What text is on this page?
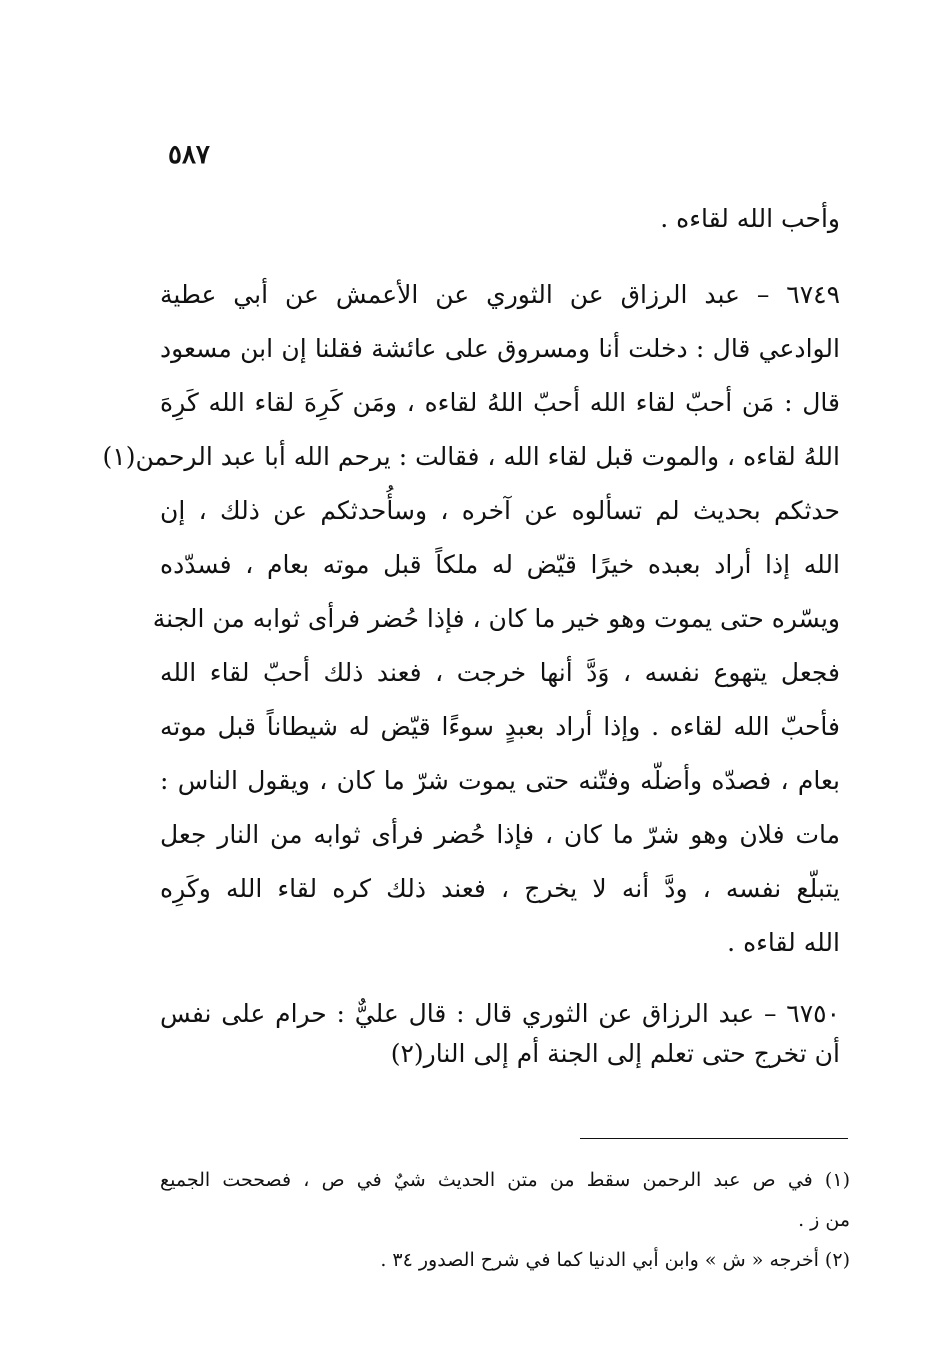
٥٨٧
وأحب الله لقاءه .
٦٧٤٩ – عبد الرزاق عن الثوري عن الأعمش عن أبي عطية
الوادعي قال : دخلت أنا ومسروق على عائشة فقلنا إن ابن مسعود
قال : مَن أحبّ لقاء الله أحبّ اللهُ لقاءه ، ومَن كَرِهَ لقاء الله كَرِهَ
اللهُ لقاءه ، والموت قبل لقاء الله ، فقالت : يرحم الله أبا عبد الرحمن(١)
حدثكم بحديث لم تسألوه عن آخره ، وسأُحدثكم عن ذلك ، إن
الله إذا أراد بعبده خيرًا قيّض له ملكاً قبل موته بعام ، فسدّده
ويسّره حتى يموت وهو خير ما كان ، فإذا حُضر فرأى ثوابه من الجنة
فجعل يتهوع نفسه ، وَدَّ أنها خرجت ، فعند ذلك أحبّ لقاء الله
فأحبّ الله لقاءه . وإذا أراد بعبدٍ سوءًا قيّض له شيطاناً قبل موته
بعام ، فصدّه وأضلّه وفتّنه حتى يموت شرّ ما كان ، ويقول الناس :
مات فلان وهو شرّ ما كان ، فإذا حُضر فرأى ثوابه من النار جعل
يتبلّع نفسه ، ودَّ أنه لا يخرج ، فعند ذلك كره لقاء الله وكَرِه
الله لقاءه .
٦٧٥٠ – عبد الرزاق عن الثوري قال : قال عليٌّ : حرام على نفس
أن تخرج حتى تعلم إلى الجنة أم إلى النار(٢)
(١) في ص عبد الرحمن سقط من متن الحديث شيٌ في ص ، فصححت الجميع
من ز .
(٢) أخرجه « ش » وابن أبي الدنيا كما في شرح الصدور ٣٤ .
